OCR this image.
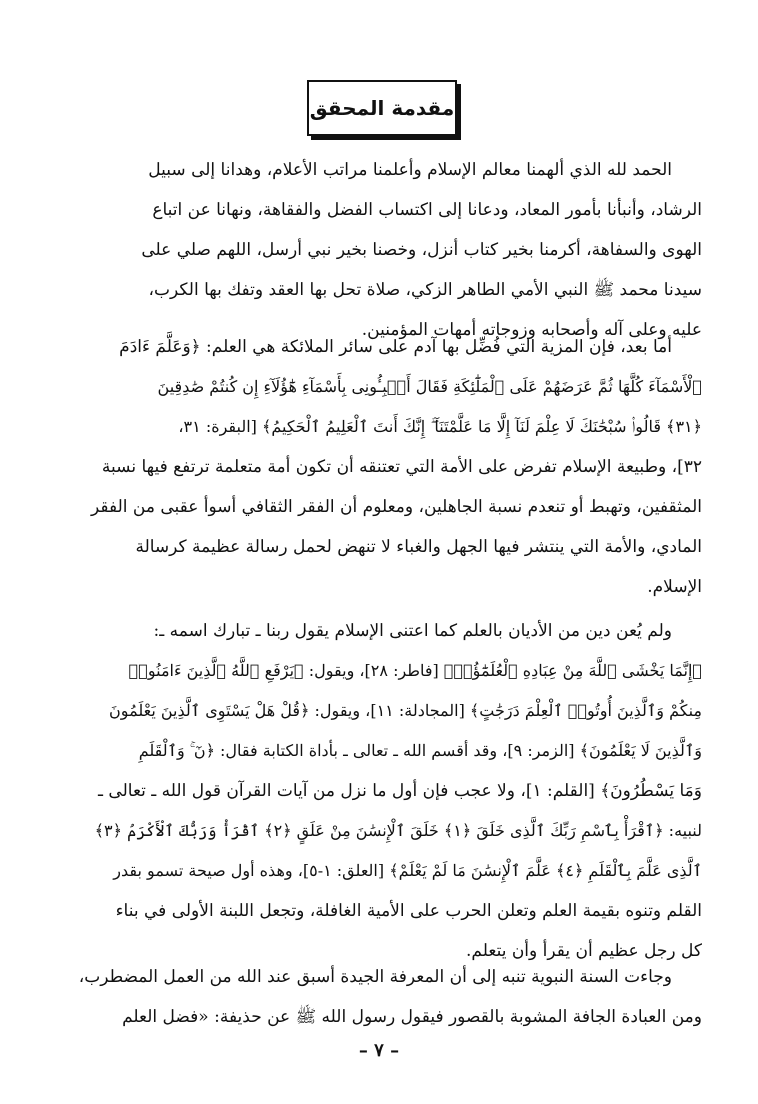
مقدمة المحقق
الحمد لله الذي ألهمنا معالم الإسلام وأعلمنا مراتب الأعلام، وهدانا إلى سبيل
الرشاد، وأنبأنا بأمور المعاد، ودعانا إلى اكتساب الفضل والفقاهة، ونهانا عن اتباع
الهوى والسفاهة، أكرمنا بخير كتاب أنزل، وخصنا بخير نبي أرسل، اللهم صلي على
سيدنا محمد ﷺ النبي الأمي الطاهر الزكي، صلاة تحل بها العقد وتفك بها الكرب،
عليه وعلى آله وأصحابه وزوجاته أمهات المؤمنين.
أما بعد، فإن المزية التي فُضِّل بها آدم على سائر الملائكة هي العلم: ﴿وَعَلَّمَ ءَادَمَ
ٱلْأَسْمَآءَ كُلَّهَا ثُمَّ عَرَضَهُمْ عَلَى ٱلْمَلَٰٓئِكَةِ فَقَالَ أَنۢبِـُٔونِى بِأَسْمَآءِ هَٰٓؤُلَآءِ إِن كُنتُمْ صَٰدِقِينَ
﴿٣١﴾ قَالُوا۟ سُبْحَٰنَكَ لَا عِلْمَ لَنَآ إِلَّا مَا عَلَّمْتَنَآ ۖ إِنَّكَ أَنتَ ٱلْعَلِيمُ ٱلْحَكِيمُ﴾ [البقرة: ٣١،
٣٢]، وطبيعة الإسلام تفرض على الأمة التي تعتنقه أن تكون أمة متعلمة ترتفع فيها نسبة
المثقفين، وتهبط أو تنعدم نسبة الجاهلين، ومعلوم أن الفقر الثقافي أسوأ عقبى من الفقر
المادي، والأمة التي ينتشر فيها الجهل والغباء لا تنهض لحمل رسالة عظيمة كرسالة
الإسلام.
ولم يُعن دين من الأديان بالعلم كما اعتنى الإسلام يقول ربنا ـ تبارك اسمه ـ:
﴿إِنَّمَا يَخْشَى ٱللَّهَ مِنْ عِبَادِهِ ٱلْعُلَمَٰٓؤُا۟﴾ [فاطر: ٢٨]، ويقول: ﴿يَرْفَعِ ٱللَّهُ ٱلَّذِينَ ءَامَنُوا۟
مِنكُمْ وَٱلَّذِينَ أُوتُوا۟ ٱلْعِلْمَ دَرَجَٰتٍ﴾ [المجادلة: ١١]، ويقول: ﴿قُلْ هَلْ يَسْتَوِى ٱلَّذِينَ يَعْلَمُونَ
وَٱلَّذِينَ لَا يَعْلَمُونَ﴾ [الزمر: ٩]، وقد أقسم الله ـ تعالى ـ بأداة الكتابة فقال: ﴿نٓ ۚ وَٱلْقَلَمِ
وَمَا يَسْطُرُونَ﴾ [القلم: ١]، ولا عجب فإن أول ما نزل من آيات القرآن قول الله ـ تعالى ـ
لنبيه: ﴿ٱقْرَأْ بِٱسْمِ رَبِّكَ ٱلَّذِى خَلَقَ ﴿١﴾ خَلَقَ ٱلْإِنسَٰنَ مِنْ عَلَقٍ ﴿٢﴾ ٱقْرَأْ وَرَبُّكَ ٱلْأَكْرَمُ ﴿٣﴾
ٱلَّذِى عَلَّمَ بِٱلْقَلَمِ ﴿٤﴾ عَلَّمَ ٱلْإِنسَٰنَ مَا لَمْ يَعْلَمْ﴾ [العلق: ١-٥]، وهذه أول صيحة تسمو بقدر
القلم وتنوه بقيمة العلم وتعلن الحرب على الأمية الغافلة، وتجعل اللبنة الأولى في بناء
كل رجل عظيم أن يقرأ وأن يتعلم.
وجاءت السنة النبوية تنبه إلى أن المعرفة الجيدة أسبق عند الله من العمل المضطرب،
ومن العبادة الجافة المشوبة بالقصور فيقول رسول الله ﷺ عن حذيفة: «فضل العلم
– ٧ –
